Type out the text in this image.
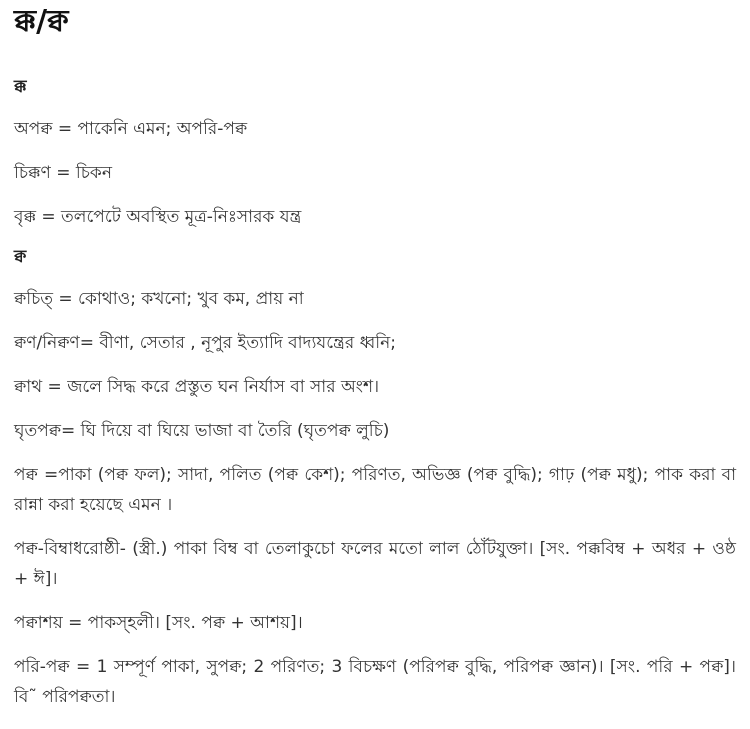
ক্ক/ক্ব

ক্ক

অপক্ব = পাকেনি এমন; অপরি-পক্ব

চিক্কণ = চিকন

বৃক্ক = তলপেটে অবস্থিত মূত্র-নিঃসারক যন্ত্র

ক্ব

ক্বচিত্ = কোথাও; কখনো; খুব কম, প্রায় না

ক্বণ/নিক্বণ= বীণা, সেতার , নূপুর ইত্যাদি বাদ্যযন্ত্রের ধ্বনি;

ক্বাথ = জলে সিদ্ধ করে প্রস্তুত ঘন নির্যাস বা সার অংশ।

ঘৃতপক্ব= ঘি দিয়ে বা ঘিয়ে ভাজা বা তৈরি (ঘৃতপক্ব লুচি)

পক্ব =পাকা (পক্ব ফল); সাদা, পলিত (পক্ব কেশ); পরিণত, অভিজ্ঞ (পক্ব বুদ্ধি); গাঢ় (পক্ব মধু); পাক করা বা রান্না করা হয়েছে এমন ।

পক্ব-বিম্বাধরোষ্ঠী- (স্ত্রী.) পাকা বিম্ব বা তেলাকুচো ফলের মতো লাল ঠোঁটযুক্তা। [সং. পক্কবিম্ব + অধর + ওষ্ঠ + ঈ]।

পক্বাশয় = পাকস্হলী। [সং. পক্ব + আশয়]।

পরি-পক্ব = 1 সম্পূর্ণ পাকা, সুপক্ব; 2 পরিণত; 3 বিচক্ষণ (পরিপক্ব বুদ্ধি, পরিপক্ব জ্ঞান)। [সং. পরি + পক্ব]। বি˜ পরিপক্বতা।
